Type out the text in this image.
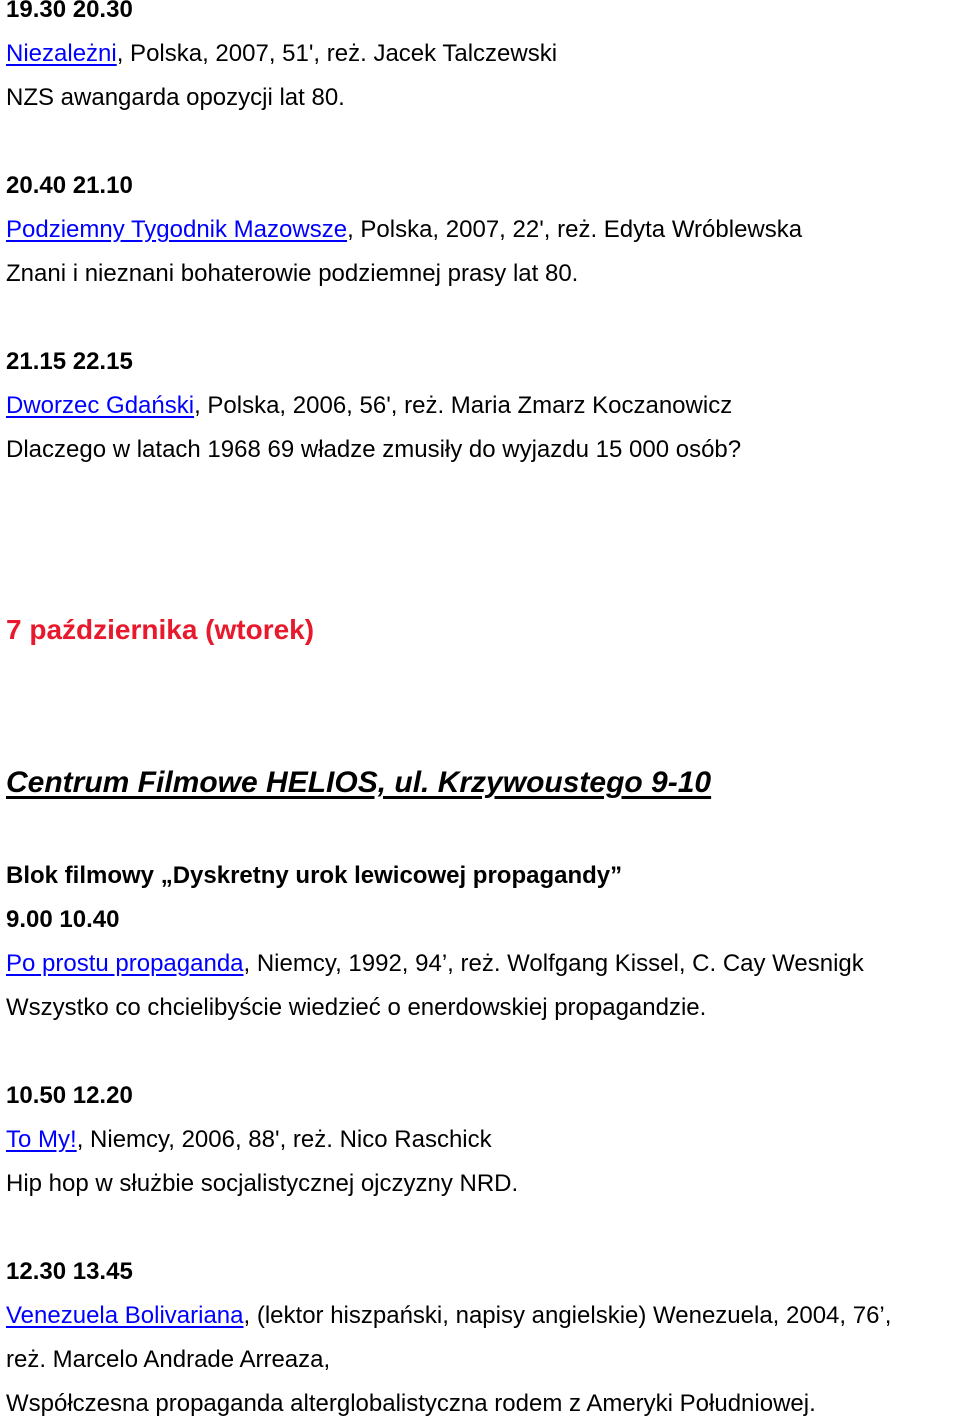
19.30 20.30
Niezależni, Polska, 2007, 51', reż. Jacek Talczewski
NZS awangarda opozycji lat 80.
20.40 21.10
Podziemny Tygodnik Mazowsze, Polska, 2007, 22', reż. Edyta Wróblewska
Znani i nieznani bohaterowie podziemnej prasy lat 80.
21.15 22.15
Dworzec Gdański, Polska, 2006, 56', reż. Maria Zmarz Koczanowicz
Dlaczego w latach 1968 69 władze zmusiły do wyjazdu 15 000 osób?
7 października (wtorek)
Centrum Filmowe HELIOS, ul. Krzywoustego 9-10
Blok filmowy „Dyskretny urok lewicowej propagandy”
9.00 10.40
Po prostu propaganda, Niemcy, 1992, 94’, reż. Wolfgang Kissel, C. Cay Wesnigk
Wszystko co chcielibyście wiedzieć o enerdowskiej propagandzie.
10.50 12.20
To My!, Niemcy, 2006, 88', reż. Nico Raschick
Hip hop w służbie socjalistycznej ojczyzny NRD.
12.30 13.45
Venezuela Bolivariana, (lektor hiszpański, napisy angielskie) Wenezuela, 2004, 76’,
reż. Marcelo Andrade Arreaza,
Współczesna propaganda alterglobalistyczna rodem z Ameryki Południowej.
